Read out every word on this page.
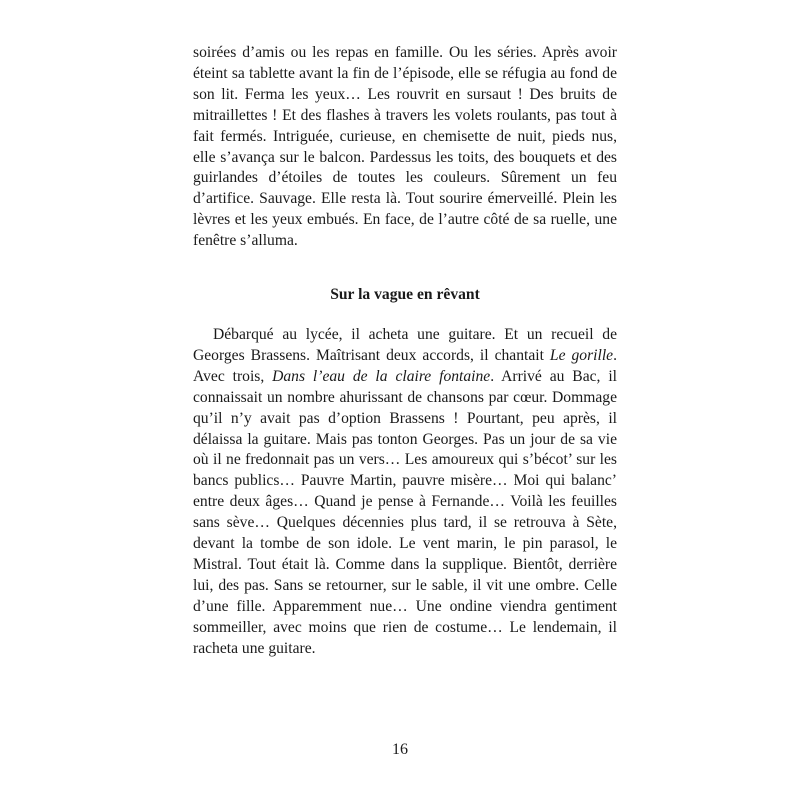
soirées d’amis ou les repas en famille. Ou les séries. Après avoir éteint sa tablette avant la fin de l’épisode, elle se réfugia au fond de son lit. Ferma les yeux… Les rouvrit en sursaut ! Des bruits de mitraillettes ! Et des flashes à travers les volets roulants, pas tout à fait fermés. Intriguée, curieuse, en chemisette de nuit, pieds nus, elle s’avança sur le balcon. Pardessus les toits, des bouquets et des guirlandes d’étoiles de toutes les couleurs. Sûrement un feu d’artifice. Sauvage. Elle resta là. Tout sourire émerveillé. Plein les lèvres et les yeux embués. En face, de l’autre côté de sa ruelle, une fenêtre s’alluma.

Sur la vague en rêvant

Débarqué au lycée, il acheta une guitare. Et un recueil de Georges Brassens. Maîtrisant deux accords, il chantait Le gorille. Avec trois, Dans l’eau de la claire fontaine. Arrivé au Bac, il connaissait un nombre ahurissant de chansons par cœur. Dommage qu’il n’y avait pas d’option Brassens ! Pourtant, peu après, il délaissa la guitare. Mais pas tonton Georges. Pas un jour de sa vie où il ne fredonnait pas un vers… Les amoureux qui s’bécot’ sur les bancs publics… Pauvre Martin, pauvre misère… Moi qui balanc’ entre deux âges… Quand je pense à Fernande… Voilà les feuilles sans sève… Quelques décennies plus tard, il se retrouva à Sète, devant la tombe de son idole. Le vent marin, le pin parasol, le Mistral. Tout était là. Comme dans la supplique. Bientôt, derrière lui, des pas. Sans se retourner, sur le sable, il vit une ombre. Celle d’une fille. Apparemment nue… Une ondine viendra gentiment sommeiller, avec moins que rien de costume… Le lendemain, il racheta une guitare.

16
